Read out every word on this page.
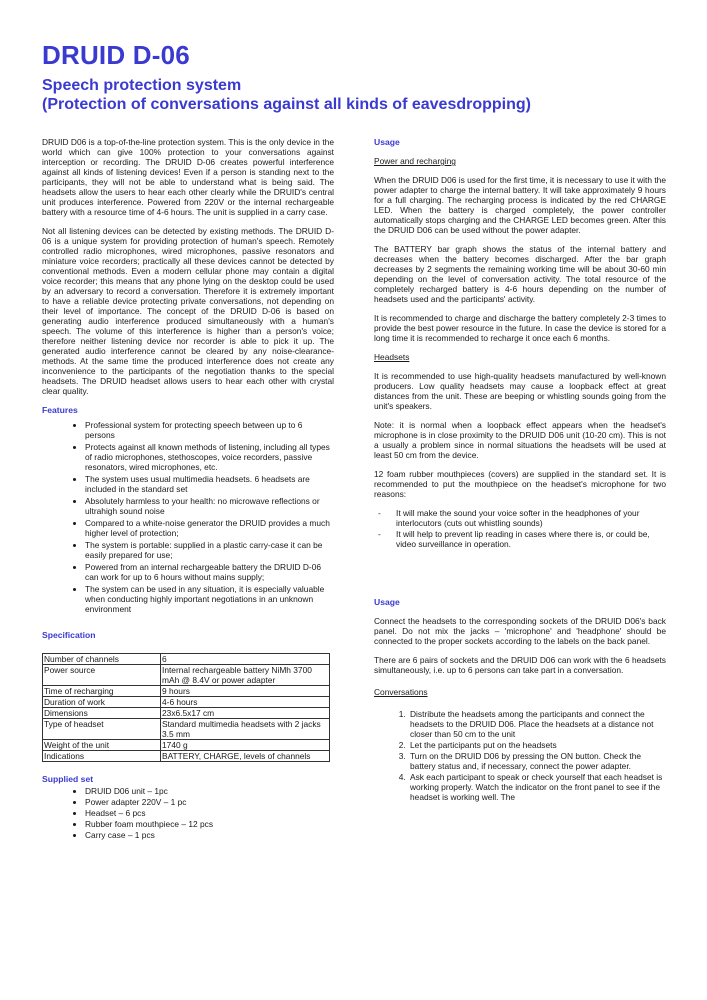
DRUID D-06
Speech protection system
(Protection of conversations against all kinds of eavesdropping)

DRUID D06 is a top-of-the-line protection system. This is the only device in the world which can give 100% protection to your conversations against interception or recording. The DRUID D-06 creates powerful interference against all kinds of listening devices! Even if a person is standing next to the participants, they will not be able to understand what is being said. The headsets allow the users to hear each other clearly while the DRUID's central unit produces interference. Powered from 220V or the internal rechargeable battery with a resource time of 4-6 hours. The unit is supplied in a carry case.

Not all listening devices can be detected by existing methods. The DRUID D-06 is a unique system for providing protection of human's speech. Remotely controlled radio microphones, wired microphones, passive resonators and miniature voice recorders; practically all these devices cannot be detected by conventional methods. Even a modern cellular phone may contain a digital voice recorder; this means that any phone lying on the desktop could be used by an adversary to record a conversation. Therefore it is extremely important to have a reliable device protecting private conversations, not depending on their level of importance. The concept of the DRUID D-06 is based on generating audio interference produced simultaneously with a human's speech. The volume of this interference is higher than a person's voice; therefore neither listening device nor recorder is able to pick it up. The generated audio interference cannot be cleared by any noise-clearance-methods. At the same time the produced interference does not create any inconvenience to the participants of the negotiation thanks to the special headsets. The DRUID headset allows users to hear each other with crystal clear quality.

Features
• Professional system for protecting speech between up to 6 persons
• Protects against all known methods of listening, including all types of radio microphones, stethoscopes, voice recorders, passive resonators, wired microphones, etc.
• The system uses usual multimedia headsets. 6 headsets are included in the standard set
• Absolutely harmless to your health: no microwave reflections or ultrahigh sound noise
• Compared to a white-noise generator the DRUID provides a much higher level of protection;
• The system is portable: supplied in a plastic carry-case it can be easily prepared for use;
• Powered from an internal rechargeable battery the DRUID D-06 can work for up to 6 hours without mains supply;
• The system can be used in any situation, it is especially valuable when conducting highly important negotiations in an unknown environment
Specification
Number of channels	6
Power source	Internal rechargeable battery NiMh 3700 mAh @ 8.4V or power adapter
Time of recharging	9 hours
Duration of work	4-6 hours
Dimensions	23x6.5x17 cm
Type of headset	Standard multimedia headsets with 2 jacks 3.5 mm
Weight of the unit	1740 g
Indications	BATTERY, CHARGE, levels of channels
Supplied set
• DRUID D06 unit – 1pc
• Power adapter 220V – 1 pc
• Headset – 6 pcs
• Rubber foam mouthpiece – 12 pcs
• Carry case – 1 pcs
Usage
Power and recharging

When the DRUID D06 is used for the first time, it is necessary to use it with the power adapter to charge the internal battery. It will take approximately 9 hours for a full charging. The recharging process is indicated by the red CHARGE LED. When the battery is charged completely, the power controller automatically stops charging and the CHARGE LED becomes green. After this the DRUID D06 can be used without the power adapter.

The BATTERY bar graph shows the status of the internal battery and decreases when the battery becomes discharged. After the bar graph decreases by 2 segments the remaining working time will be about 30-60 min depending on the level of conversation activity. The total resource of the completely recharged battery is 4-6 hours depending on the number of headsets used and the participants' activity.

It is recommended to charge and discharge the battery completely 2-3 times to provide the best power resource in the future. In case the device is stored for a long time it is recommended to recharge it once each 6 months.

Headsets

It is recommended to use high-quality headsets manufactured by well-known producers. Low quality headsets may cause a loopback effect at great distances from the unit. These are beeping or whistling sounds going from the unit's speakers.

Note: it is normal when a loopback effect appears when the headset's microphone is in close proximity to the DRUID D06 unit (10-20 cm). This is not a usually a problem since in normal situations the headsets will be used at least 50 cm from the device.

12 foam rubber mouthpieces (covers) are supplied in the standard set. It is recommended to put the mouthpiece on the headset's microphone for two reasons:

- It will make the sound your voice softer in the headphones of your interlocutors (cuts out whistling sounds)
- It will help to prevent lip reading in cases where there is, or could be, video surveillance in operation.
Usage

Connect the headsets to the corresponding sockets of the DRUID D06's back panel. Do not mix the jacks – 'microphone' and 'headphone' should be connected to the proper sockets according to the labels on the back panel.

There are 6 pairs of sockets and the DRUID D06 can work with the 6 headsets simultaneously, i.e. up to 6 persons can take part in a conversation.

Conversations
1. Distribute the headsets among the participants and connect the headsets to the DRUID D06. Place the headsets at a distance not closer than 50 cm to the unit
2. Let the participants put on the headsets
3. Turn on the DRUID D06 by pressing the ON button. Check the battery status and, if necessary, connect the power adapter.
4. Ask each participant to speak or check yourself that each headset is working properly. Watch the indicator on the front panel to see if the headset is working well. The
